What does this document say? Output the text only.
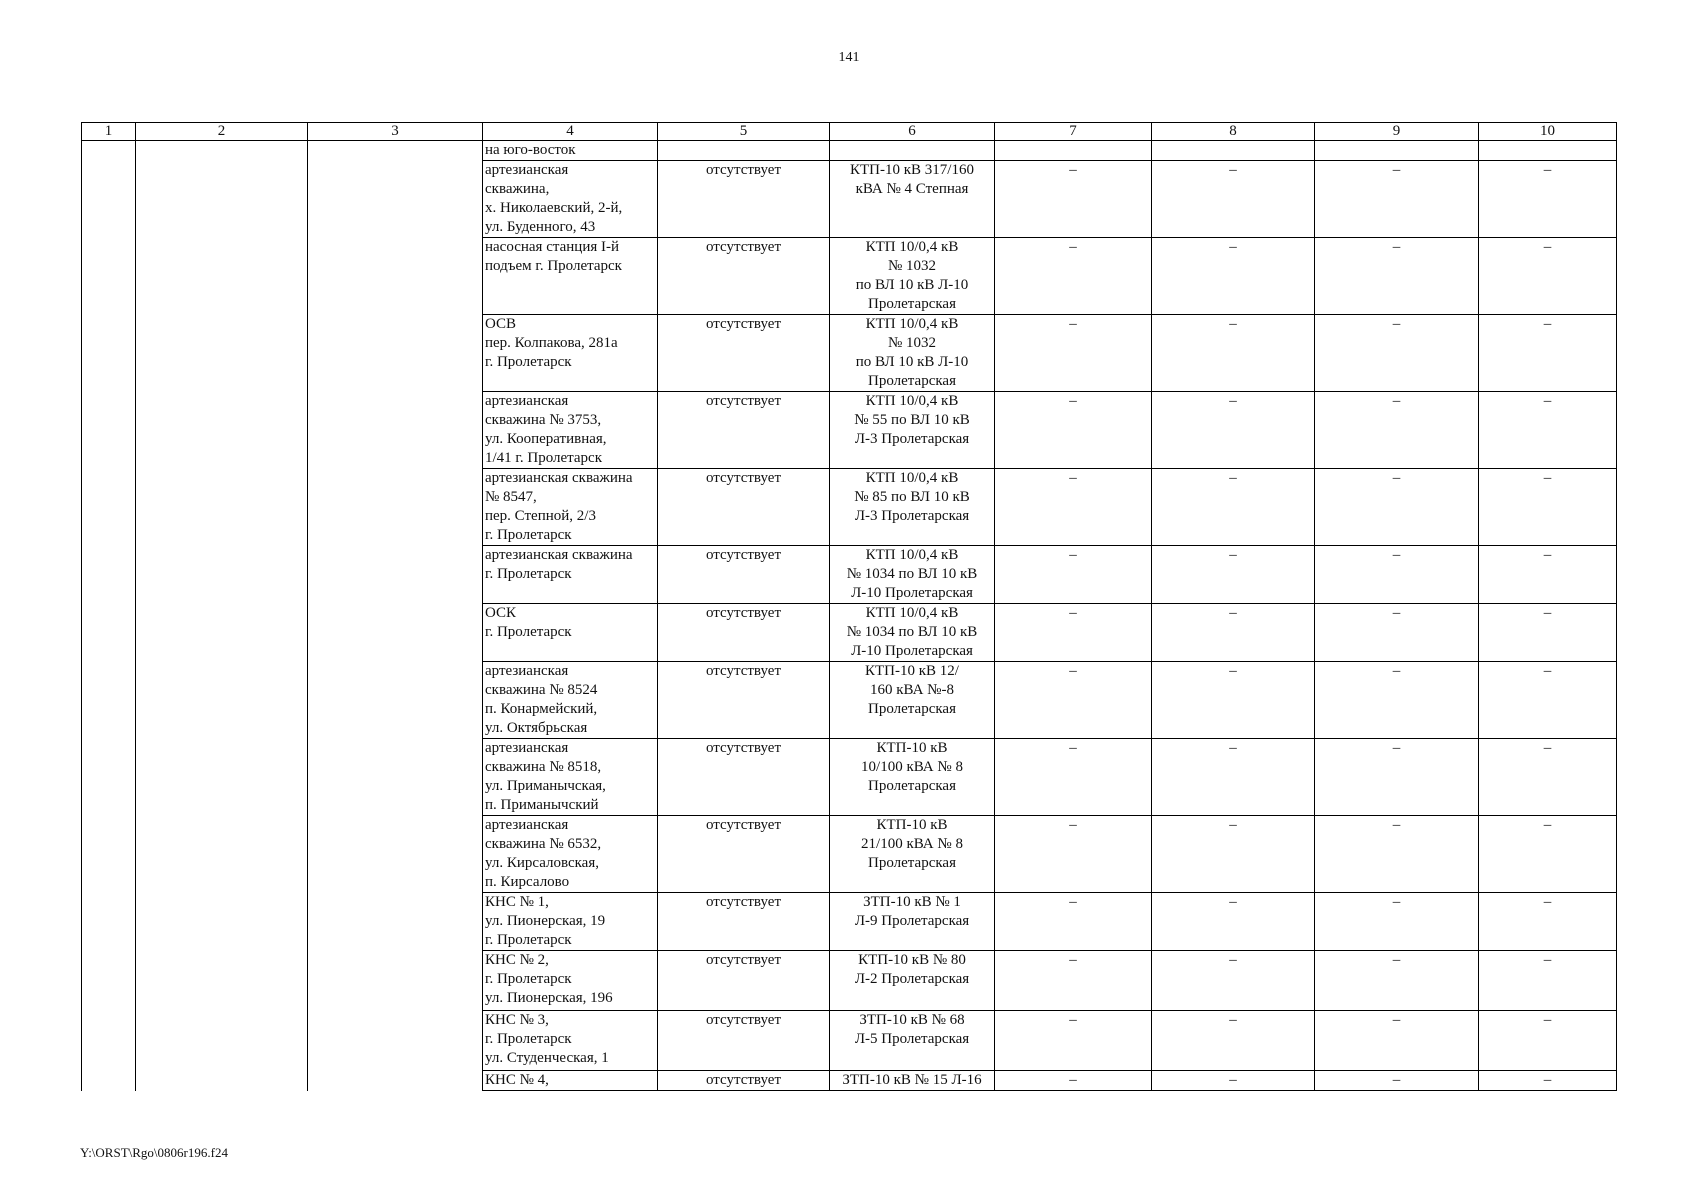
141
1	2	3	4	5	6	7	8	9	10
			на юго-восток						
			артезианская
скважина,
х. Николаевский, 2-й,
ул. Буденного, 43	отсутствует	КТП-10 кВ 317/160
кВА № 4 Степная	–	–	–	–
			насосная станция I-й
подъем г. Пролетарск	отсутствует	КТП 10/0,4 кВ
№ 1032
по ВЛ 10 кВ Л-10
Пролетарская	–	–	–	–
			ОСВ
пер. Колпакова, 281а
г. Пролетарск	отсутствует	КТП 10/0,4 кВ
№ 1032
по ВЛ 10 кВ Л-10
Пролетарская	–	–	–	–
			артезианская
скважина № 3753,
ул. Кооперативная,
1/41 г. Пролетарск	отсутствует	КТП 10/0,4 кВ
№ 55 по ВЛ 10 кВ
Л-3 Пролетарская	–	–	–	–
			артезианская скважина
№ 8547,
пер. Степной, 2/3
г. Пролетарск	отсутствует	КТП 10/0,4 кВ
№ 85 по ВЛ 10 кВ
Л-3 Пролетарская	–	–	–	–
			артезианская скважина
г. Пролетарск	отсутствует	КТП 10/0,4 кВ
№ 1034 по ВЛ 10 кВ
Л-10 Пролетарская	–	–	–	–
			ОСК
г. Пролетарск	отсутствует	КТП 10/0,4 кВ
№ 1034 по ВЛ 10 кВ
Л-10 Пролетарская	–	–	–	–
			артезианская
скважина № 8524
п. Конармейский,
ул. Октябрьская	отсутствует	КТП-10 кВ 12/
160 кВА №-8
Пролетарская	–	–	–	–
			артезианская
скважина № 8518,
ул. Приманычская,
п. Приманычский	отсутствует	КТП-10 кВ
10/100 кВА № 8
Пролетарская	–	–	–	–
			артезианская
скважина № 6532,
ул. Кирсаловская,
п. Кирсалово	отсутствует	КТП-10 кВ
21/100 кВА № 8
Пролетарская	–	–	–	–
			КНС № 1,
ул. Пионерская, 19
г. Пролетарск	отсутствует	ЗТП-10 кВ № 1
Л-9 Пролетарская	–	–	–	–
			КНС № 2,
г. Пролетарск
ул. Пионерская, 196	отсутствует	КТП-10 кВ № 80
Л-2 Пролетарская	–	–	–	–
			КНС № 3,
г. Пролетарск
ул. Студенческая, 1	отсутствует	ЗТП-10 кВ № 68
Л-5 Пролетарская	–	–	–	–
			КНС № 4,	отсутствует	ЗТП-10 кВ № 15 Л-16	–	–	–	–
Y:\ORST\Rgo\0806r196.f24
